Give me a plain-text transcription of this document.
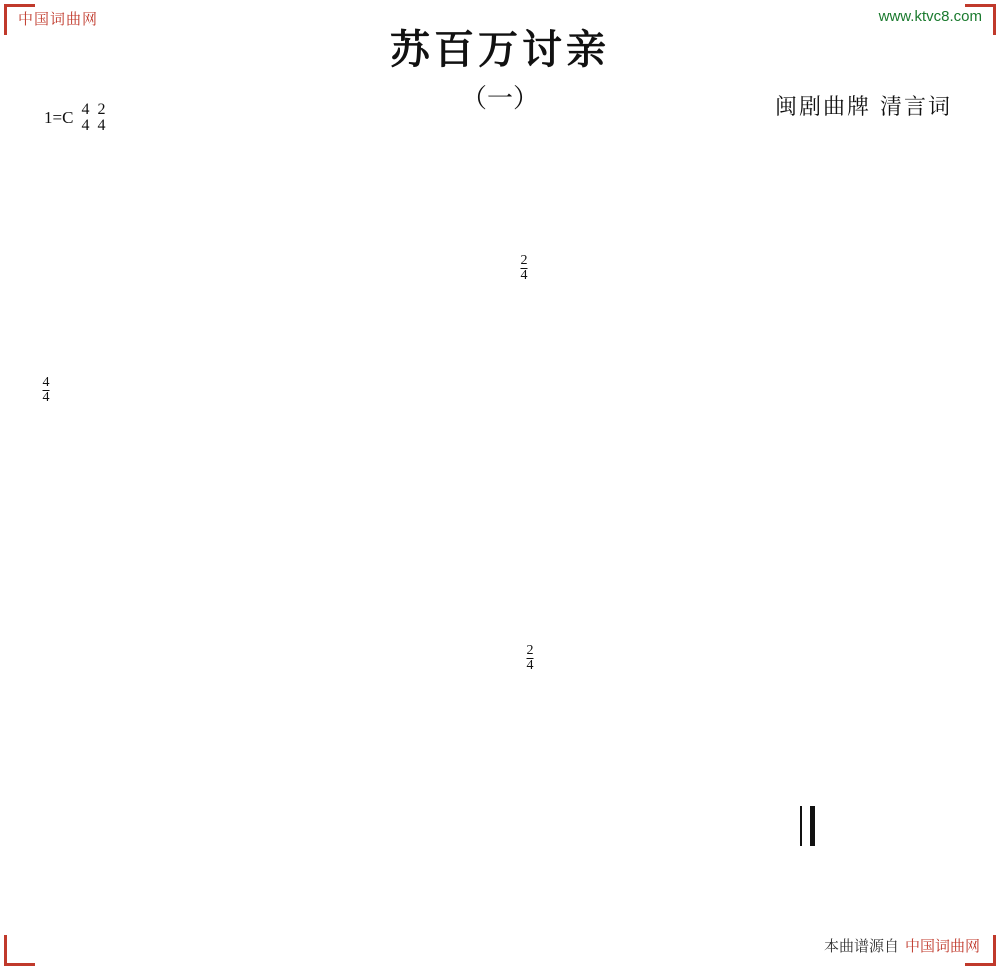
中国词曲网	www.ktvc8.com
苏百万讨亲
（一）	闽剧曲牌 清言词
1=C 4
4
2
4
$\frac{2}{4}$
$\frac{4}{4}$
$\frac{2}{4}$
本曲谱源自 中国词曲网
